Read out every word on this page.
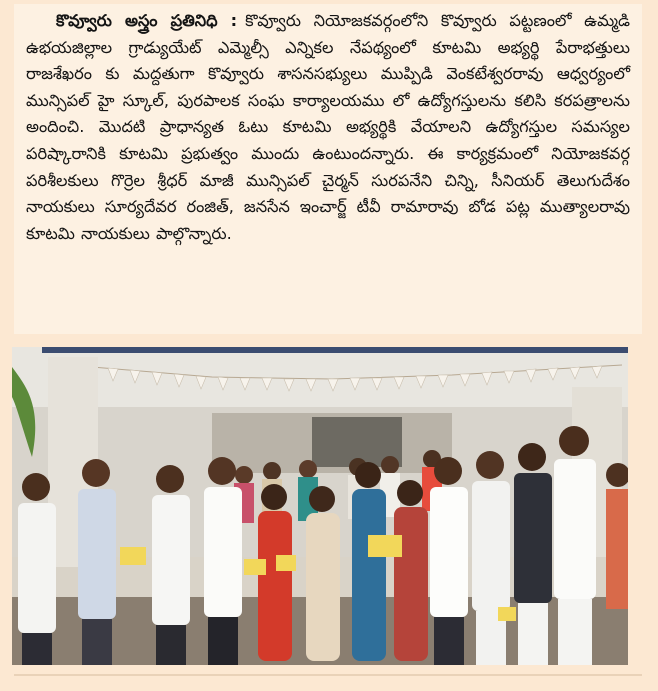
కొవ్వూరు అస్త్రం ప్రతినిధి : కొవ్వూరు నియోజకవర్గంలోని కొవ్వూరు పట్టణంలో ఉమ్మడి ఉభయజిల్లాల గ్రాడ్యుయేట్ ఎమ్మెల్సీ ఎన్నికల నేపథ్యంలో కూటమి అభ్యర్థి పేరాభత్తులు రాజశేఖరం కు మద్దతుగా కొవ్వూరు శాసనసభ్యులు ముప్పిడి వెంకటేశ్వరరావు ఆధ్వర్యంలో మున్సిపల్ హై స్కూల్, పురపాలక సంఘ కార్యాలయము లో ఉద్యోగస్తులను కలిసి కరపత్రాలను అందించి. మొదటి ప్రాధాన్యత ఓటు కూటమి అభ్యర్థికి వేయాలని ఉద్యోగస్తుల సమస్యల పరిష్కారానికి కూటమి ప్రభుత్వం ముందు ఉంటుందన్నారు. ఈ కార్యక్రమంలో నియోజకవర్గ పరిశీలకులు గొర్రెల శ్రీధర్ మాజీ మున్సిపల్ చైర్మన్ సురపనేని చిన్ని, సీనియర్ తెలుగుదేశం నాయకులు సూర్యదేవర రంజిత్, జనసేన ఇంచార్జ్ టీవీ రామారావు బోడ పట్ల ముత్యాలరావు కూటమి నాయకులు పాల్గొన్నారు.
